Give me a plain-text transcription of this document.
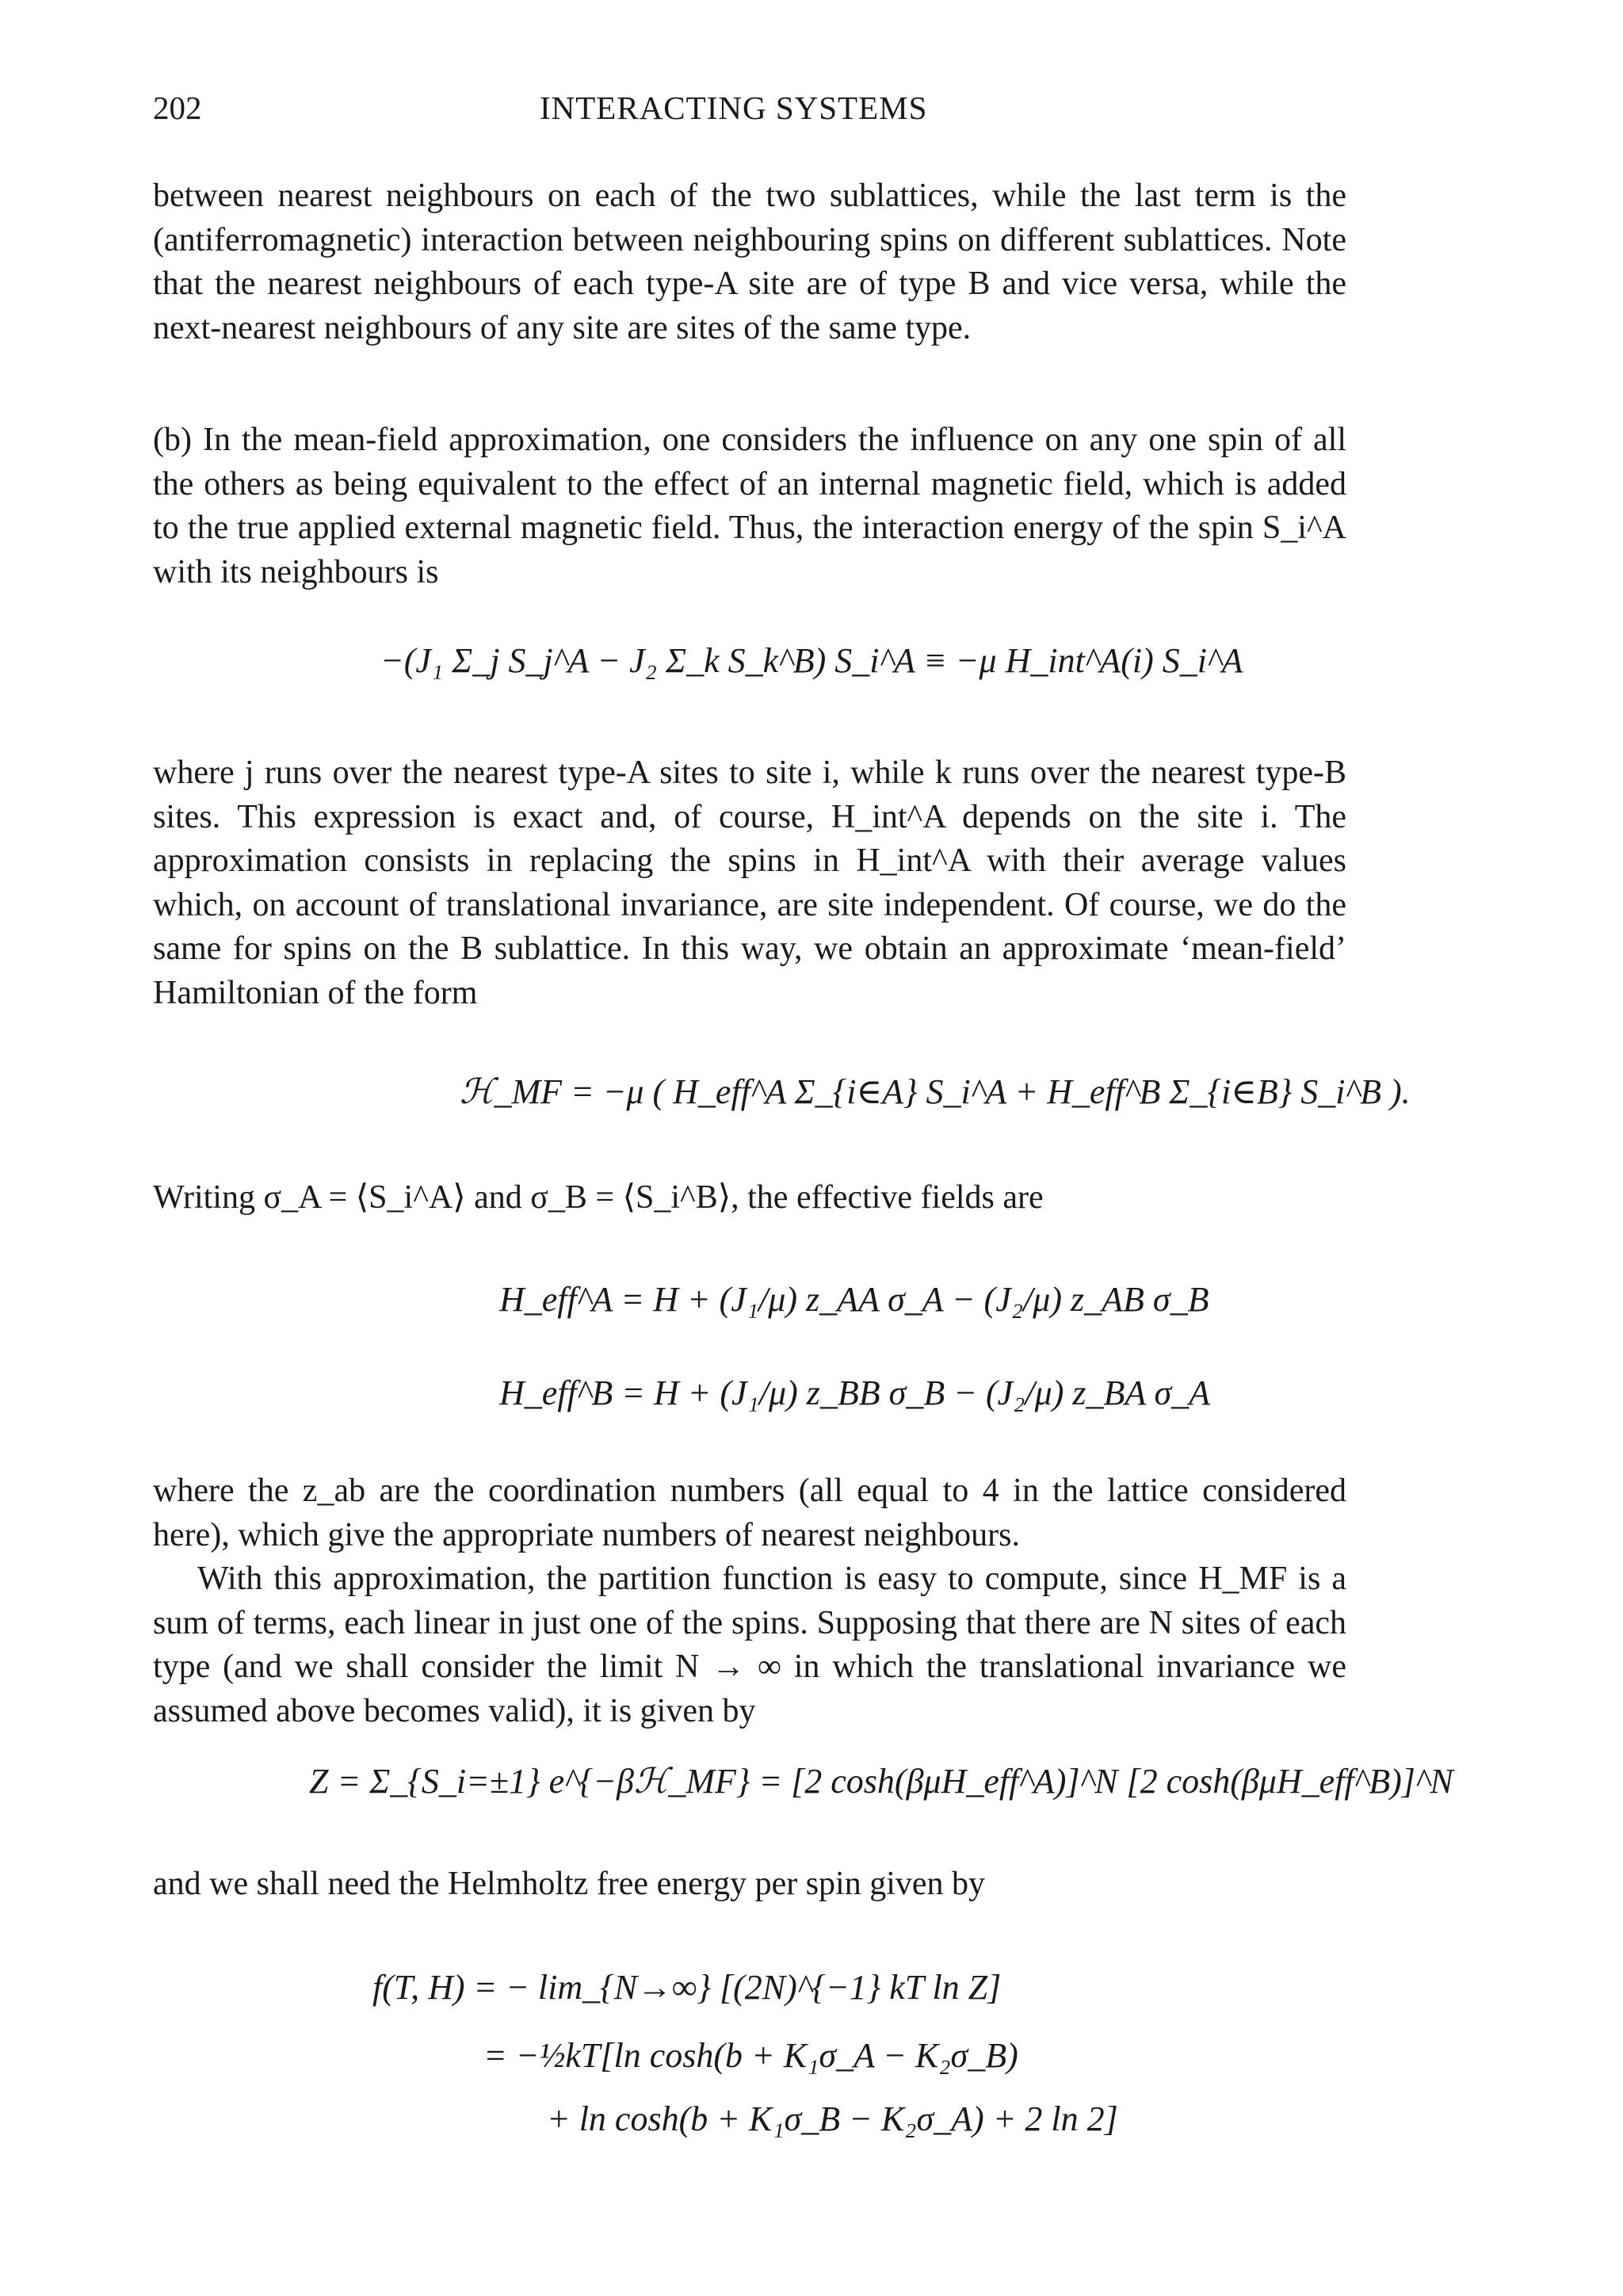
202	INTERACTING SYSTEMS

between nearest neighbours on each of the two sublattices, while the last term is the (antiferromagnetic) interaction between neighbouring spins on different sublattices. Note that the nearest neighbours of each type-A site are of type B and vice versa, while the next-nearest neighbours of any site are sites of the same type.

(b) In the mean-field approximation, one considers the influence on any one spin of all the others as being equivalent to the effect of an internal magnetic field, which is added to the true applied external magnetic field. Thus, the interaction energy of the spin S_i^A with its neighbours is

−(J₁ Σ_j S_j^A − J₂ Σ_k S_k^B) S_i^A ≡ −μ H_int^A(i) S_i^A

where j runs over the nearest type-A sites to site i, while k runs over the nearest type-B sites. This expression is exact and, of course, H_int^A depends on the site i. The approximation consists in replacing the spins in H_int^A with their average values which, on account of translational invariance, are site independent. Of course, we do the same for spins on the B sublattice. In this way, we obtain an approximate ‘mean-field’ Hamiltonian of the form

ℋ_MF = −μ ( H_eff^A Σ_{i∈A} S_i^A + H_eff^B Σ_{i∈B} S_i^B ).

Writing σ_A = ⟨S_i^A⟩ and σ_B = ⟨S_i^B⟩, the effective fields are

H_eff^A = H + (J₁/μ) z_AA σ_A − (J₂/μ) z_AB σ_B
H_eff^B = H + (J₁/μ) z_BB σ_B − (J₂/μ) z_BA σ_A

where the z_ab are the coordination numbers (all equal to 4 in the lattice considered here), which give the appropriate numbers of nearest neighbours.

With this approximation, the partition function is easy to compute, since H_MF is a sum of terms, each linear in just one of the spins. Supposing that there are N sites of each type (and we shall consider the limit N → ∞ in which the translational invariance we assumed above becomes valid), it is given by

Z = Σ_{S_i=±1} e^{−βℋ_MF} = [2 cosh(βμH_eff^A)]^N [2 cosh(βμH_eff^B)]^N

and we shall need the Helmholtz free energy per spin given by

f(T, H) = − lim_{N→∞} [(2N)^{−1} kT ln Z]
= −½kT[ln cosh(b + K₁σ_A − K₂σ_B)
+ ln cosh(b + K₁σ_B − K₂σ_A) + 2 ln 2]
